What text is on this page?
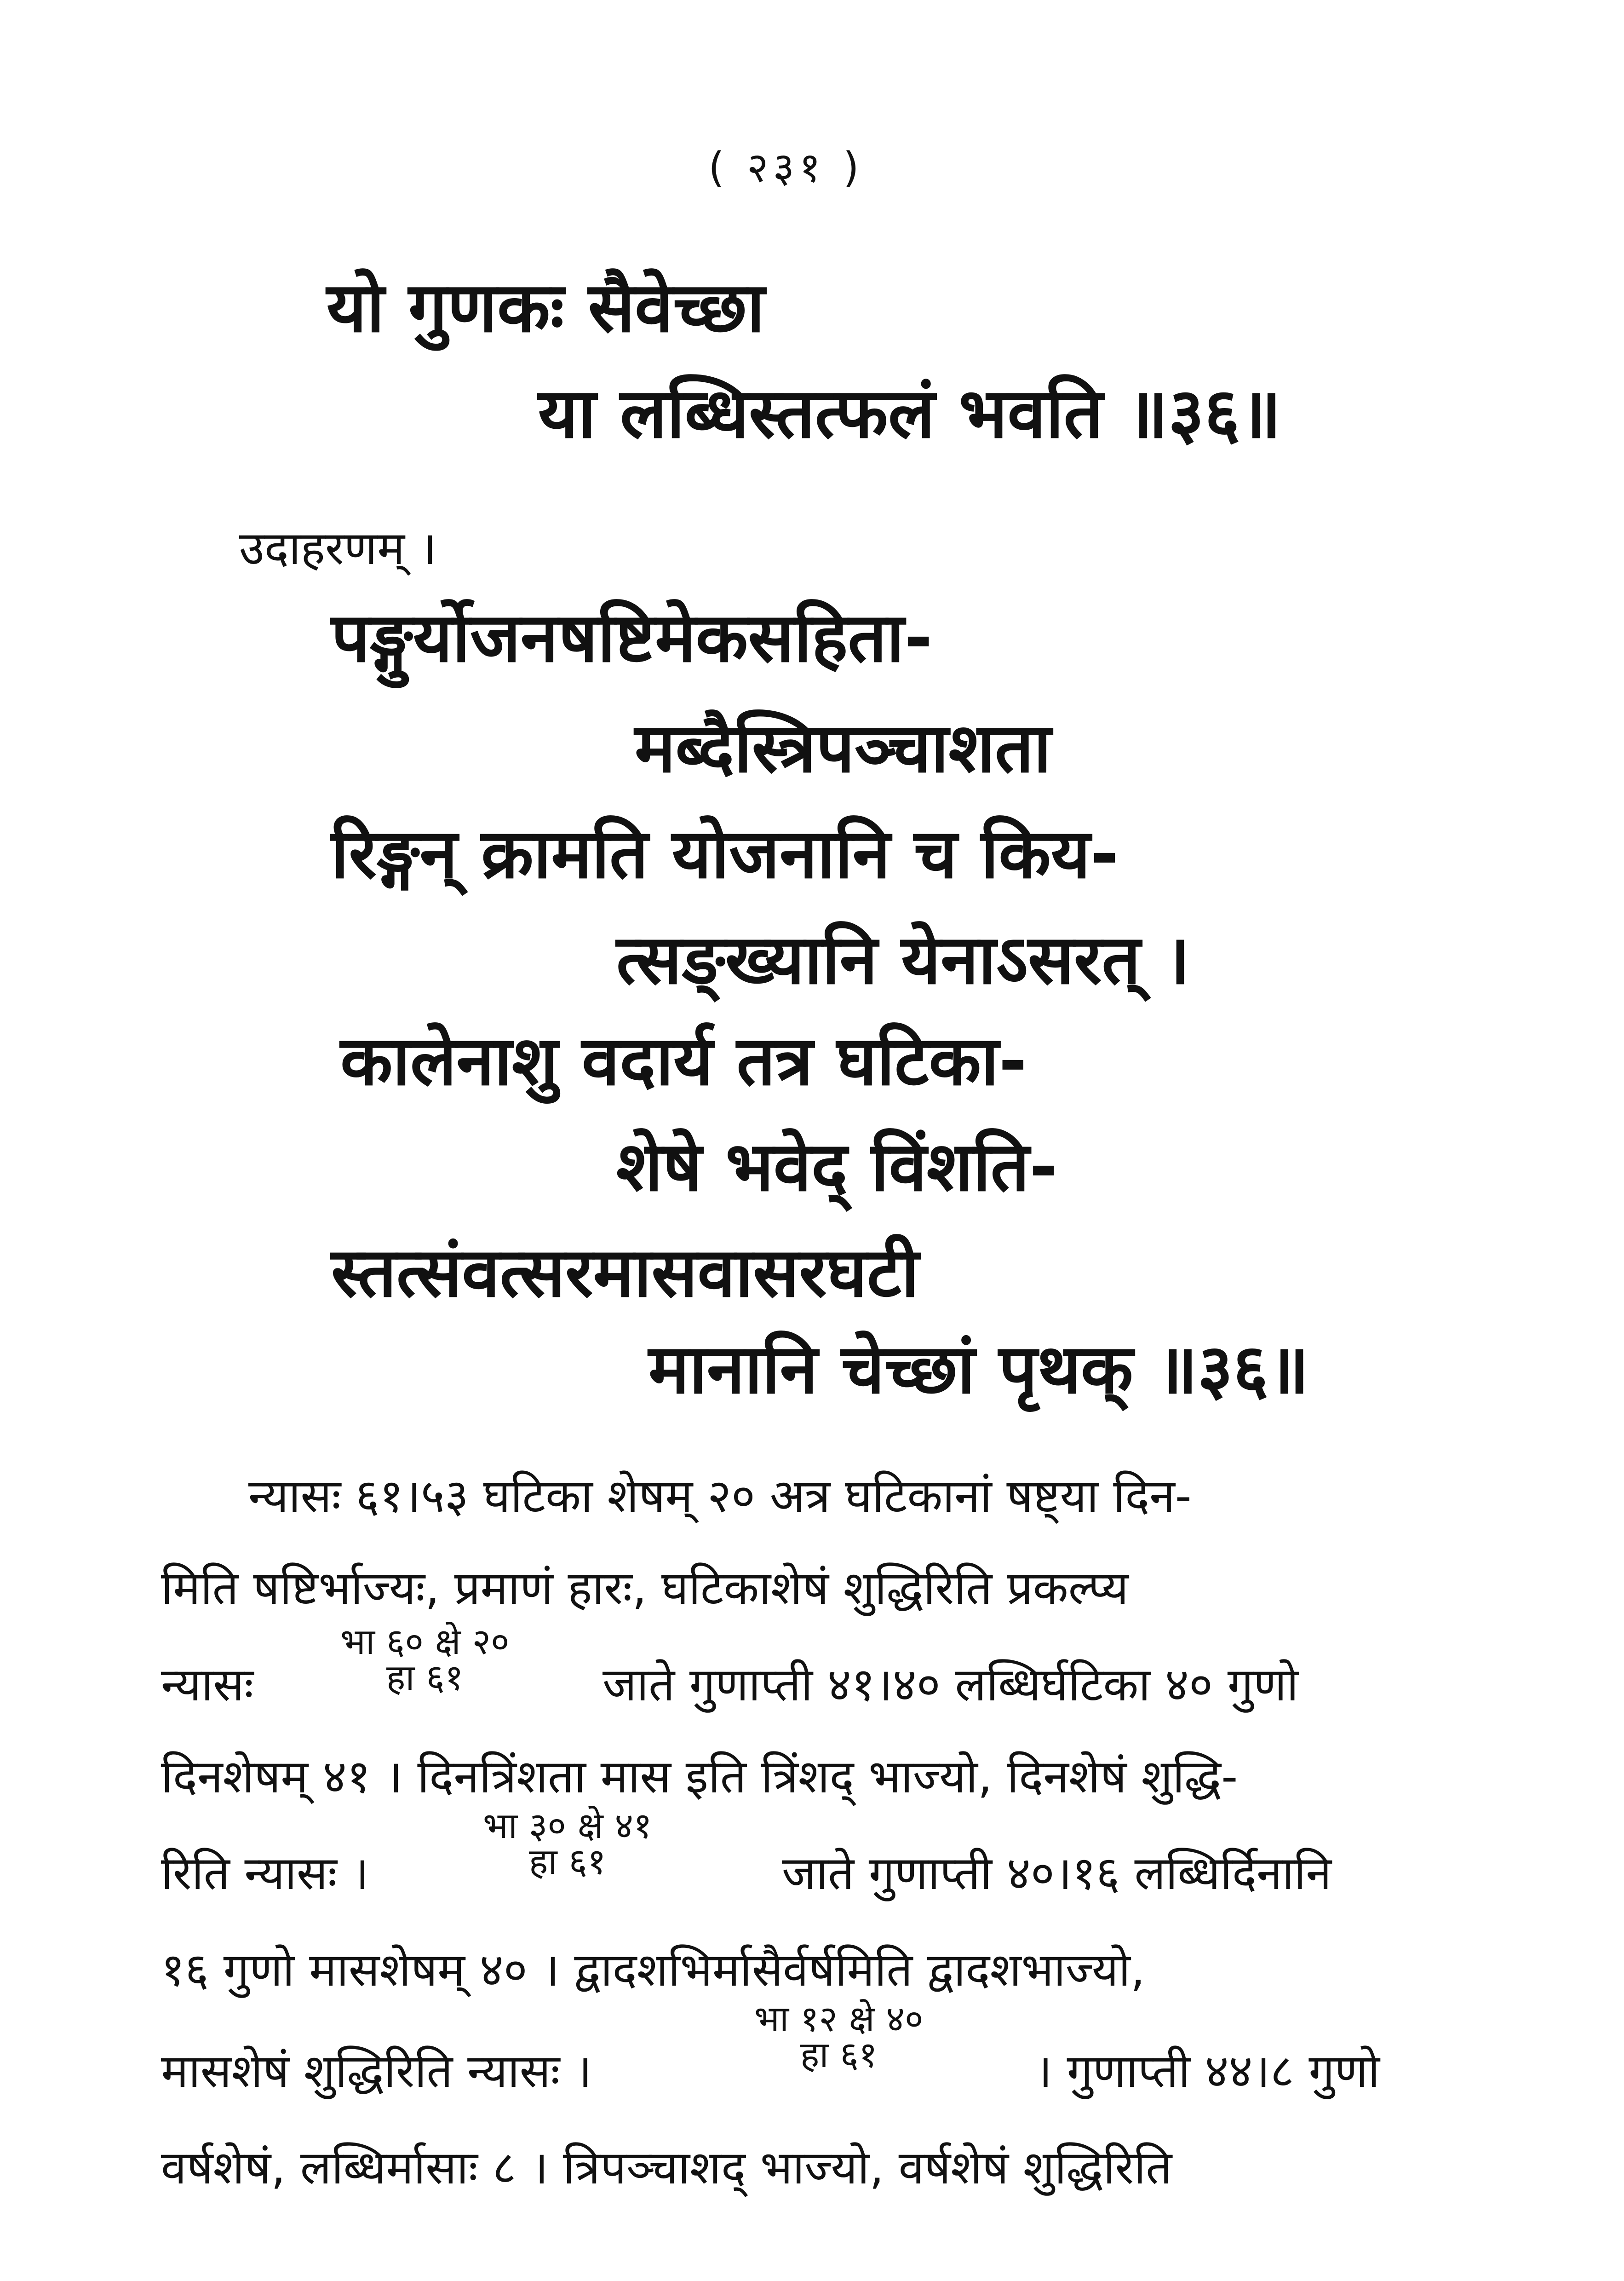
( २३१ )
यो गुणकः सैवेच्छा
या लब्धिस्तत्फलं भवति ॥३६॥
उदाहरणम् ।
पङ्गुर्योजनषष्टिमेकसहिता-
मब्दैस्त्रिपञ्चाशता
रिङ्गन् क्रामति योजनानि च किय-
त्सङ्ख्यानि येनाऽसरत् ।
कालेनाशु वदार्य तत्र घटिका-
शेषे भवेद् विंशति-
स्तत्संवत्सरमासवासरघटी
मानानि चेच्छां पृथक् ॥३६॥
न्यासः ६१।५३ घटिका शेषम् २० अत्र घटिकानां षष्ट्या दिन-
मिति षष्टिर्भाज्यः, प्रमाणं हारः, घटिकाशेषं शुद्धिरिति प्रकल्प्य
न्यासः
भा ६० क्षे २०
हा ६१	जाते गुणाप्ती ४१।४० लब्धिर्घटिका ४० गुणो
दिनशेषम् ४१ । दिनत्रिंशता मास इति त्रिंशद् भाज्यो, दिनशेषं शुद्धि-
रिति न्यासः ।
भा ३० क्षे ४१
हा ६१	जाते गुणाप्ती ४०।१६ लब्धिर्दिनानि
१६ गुणो मासशेषम् ४० । द्वादशभिर्मासैर्वर्षमिति द्वादशभाज्यो,
मासशेषं शुद्धिरिति न्यासः ।
भा १२ क्षे ४०
हा ६१	। गुणाप्ती ४४।८ गुणो
वर्षशेषं, लब्धिर्मासाः ८ । त्रिपञ्चाशद् भाज्यो, वर्षशेषं शुद्धिरिति
